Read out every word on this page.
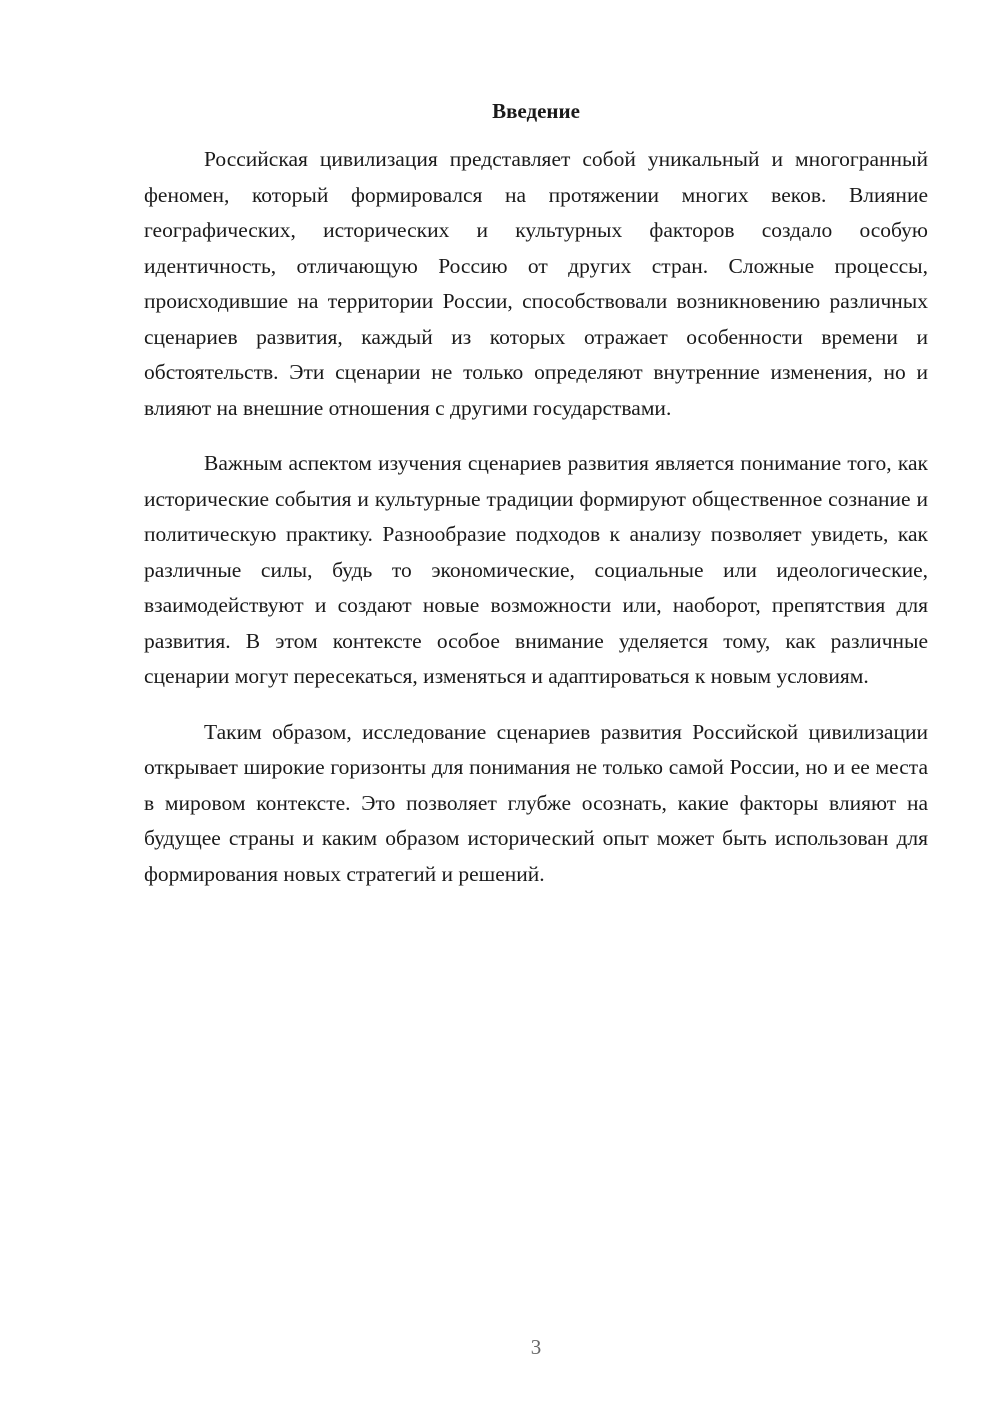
Введение

Российская цивилизация представляет собой уникальный и многогранный феномен, который формировался на протяжении многих веков. Влияние географических, исторических и культурных факторов создало особую идентичность, отличающую Россию от других стран. Сложные процессы, происходившие на территории России, способствовали возникновению различных сценариев развития, каждый из которых отражает особенности времени и обстоятельств. Эти сценарии не только определяют внутренние изменения, но и влияют на внешние отношения с другими государствами.

Важным аспектом изучения сценариев развития является понимание того, как исторические события и культурные традиции формируют общественное сознание и политическую практику. Разнообразие подходов к анализу позволяет увидеть, как различные силы, будь то экономические, социальные или идеологические, взаимодействуют и создают новые возможности или, наоборот, препятствия для развития. В этом контексте особое внимание уделяется тому, как различные сценарии могут пересекаться, изменяться и адаптироваться к новым условиям.

Таким образом, исследование сценариев развития Российской цивилизации открывает широкие горизонты для понимания не только самой России, но и ее места в мировом контексте. Это позволяет глубже осознать, какие факторы влияют на будущее страны и каким образом исторический опыт может быть использован для формирования новых стратегий и решений.

3
